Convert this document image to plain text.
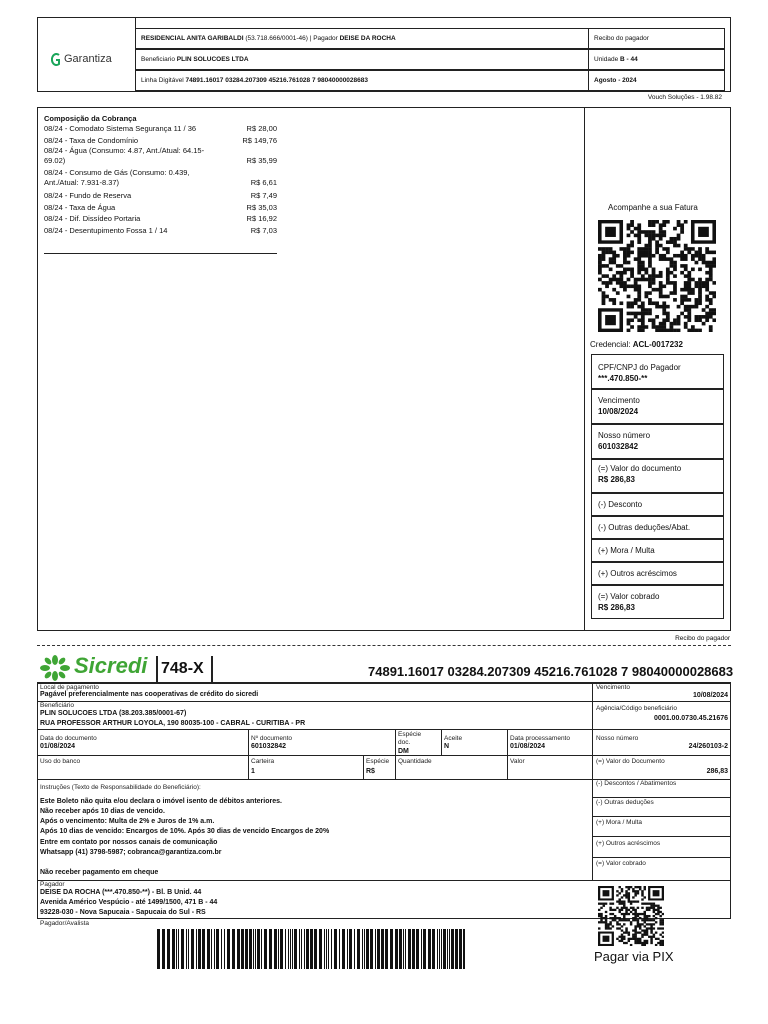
Garantiza
RESIDENCIAL ANITA GARIBALDI (53.718.666/0001-46) | Pagador DEISE DA ROCHA	Recibo do pagador
Beneficiario PLIN SOLUCOES LTDA	Unidade B - 44
Linha Digitável 74891.16017 03284.207309 45216.761028 7 98040000028683	Agosto - 2024
Vouch Soluções - 1.98.82
Composição da Cobrança
08/24 - Comodato Sistema Segurança 11 / 36	R$ 28,00
08/24 - Taxa de Condomínio	R$ 149,76
08/24 - Água (Consumo: 4.87, Ant./Atual: 64.15-69.02)	R$ 35,99
08/24 - Consumo de Gás (Consumo: 0.439, Ant./Atual: 7.931-8.37)	R$ 6,61
08/24 - Fundo de Reserva	R$ 7,49
08/24 - Taxa de Água	R$ 35,03
08/24 - Dif. Dissídeo Portaria	R$ 16,92
08/24 - Desentupimento Fossa 1 / 14	R$ 7,03
Acompanhe a sua Fatura
Credencial: ACL-0017232
CPF/CNPJ do Pagador
***.470.850-**
Vencimento
10/08/2024
Nosso número
601032842
(=) Valor do documento
R$ 286,83
(-) Desconto
(-) Outras deduções/Abat.
(+) Mora / Multa
(+) Outros acréscimos
(=) Valor cobrado
R$ 286,83
Recibo do pagador
Sicredi 748-X	74891.16017 03284.207309 45216.761028 7 98040000028683
Local de pagamento
Pagável preferencialmente nas cooperativas de crédito do sicredi
Vencimento
10/08/2024
Beneficiário
PLIN SOLUCOES LTDA (38.203.385/0001-67)
RUA PROFESSOR ARTHUR LOYOLA, 190 80035-100 - CABRAL - CURITIBA - PR
Agência/Código beneficiário
0001.00.0730.45.21676
Data do documento
01/08/2024
Nº documento
601032842
Espécie doc.
DM
Aceite
N
Data processamento
01/08/2024
Nosso número
24/260103-2
Uso do banco	Carteira
1
Espécie
R$
Quantidade	Valor	(=) Valor do Documento
286,83
Instruções (Texto de Responsabilidade do Beneficiário):
Este Boleto não quita e/ou declara o imóvel isento de débitos anteriores.
Não receber após 10 dias de vencido.
Após o vencimento: Multa de 2% e Juros de 1% a.m.
Após 10 dias de vencido: Encargos de 10%. Após 30 dias de vencido Encargos de 20%
Entre em contato por nossos canais de comunicação
Whatsapp (41) 3798-5987; cobranca@garantiza.com.br
Não receber pagamento em cheque
(-) Descontos / Abatimentos
(-) Outras deduções
(+) Mora / Multa
(+) Outros acréscimos
(=) Valor cobrado
Pagador
DEISE DA ROCHA (***.470.850-**) - Bl. B Unid. 44
Avenida Américo Vespúcio - até 1499/1500, 471 B - 44
93228-030 - Nova Sapucaia - Sapucaia do Sul - RS
Pagador/Avalista
Pagar via PIX
